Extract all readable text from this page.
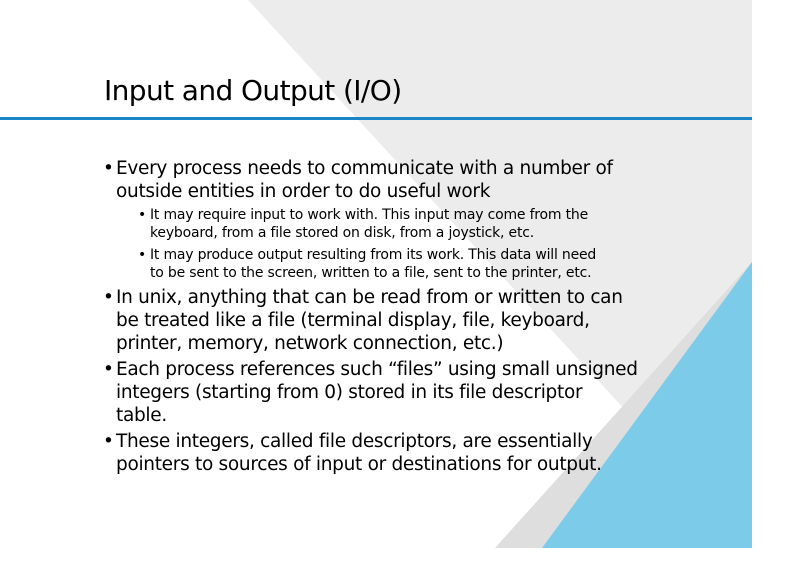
Input and Output (I/O)
• Every process needs to communicate with a number of
outside entities in order to do useful work
• It may require input to work with. This input may come from the
keyboard, from a file stored on disk, from a joystick, etc.
• It may produce output resulting from its work. This data will need
to be sent to the screen, written to a file, sent to the printer, etc.
• In unix, anything that can be read from or written to can
be treated like a file (terminal display, file, keyboard,
printer, memory, network connection, etc.)
• Each process references such “files” using small unsigned
integers (starting from 0) stored in its file descriptor
table.
• These integers, called file descriptors, are essentially
pointers to sources of input or destinations for output.
